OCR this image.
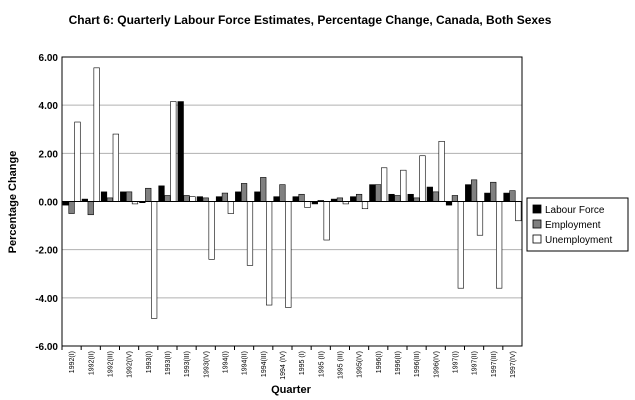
Chart 6: Quarterly Labour Force Estimates, Percentage Change, Canada, Both Sexes
6.00
4.00
2.00
0.00
-2.00
-4.00
-6.00
1992(I) 1992(II) 1992(III) 1992(IV) 1993(I) 1993(II) 1993(III) 1993(IV) 1994(I) 1994(II) 1994(III) 1994 (IV) 1995 (I) 1995 (II) 1995 (III) 1995(IV) 1996(I) 1996(II) 1996(III) 1996(IV) 1997(I) 1997(II) 1997(III) 1997(IV)
Percentage Change
Quarter
Labour Force
Employment
Unemployment
